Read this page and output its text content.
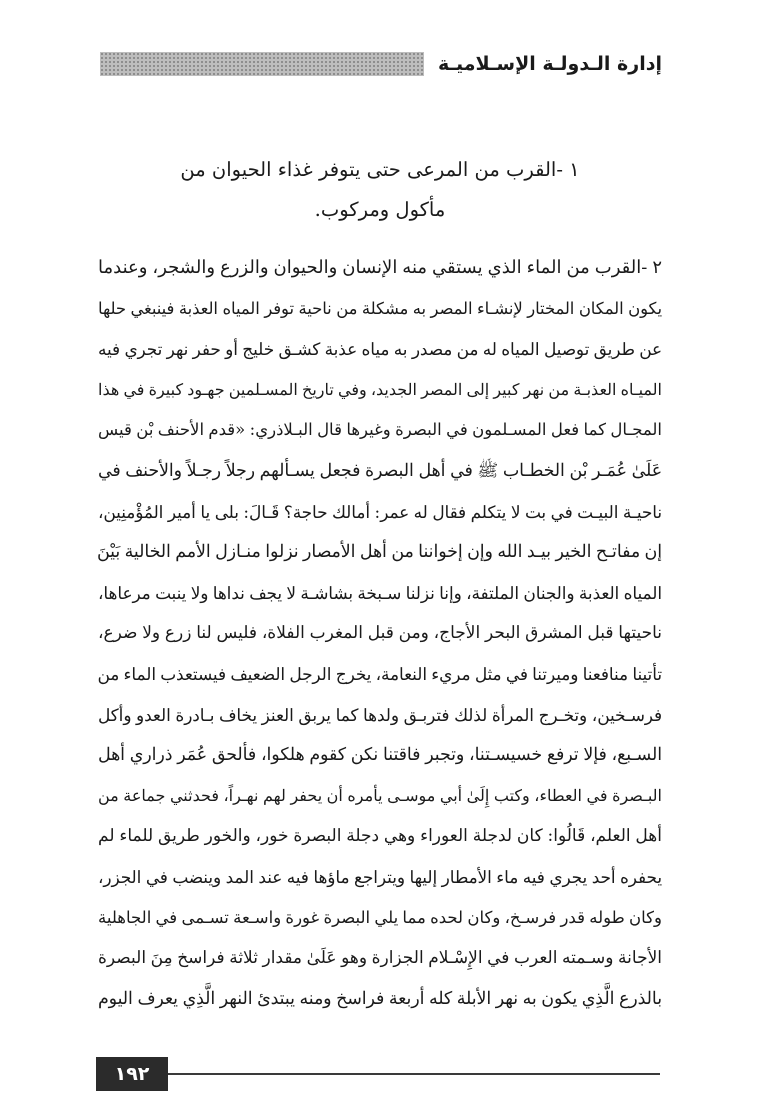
إدارة الـدولـة الإسـلاميـة

١ -القرب من المرعى حتى يتوفر غذاء الحيوان من مأكول ومركوب.

٢ -القرب من الماء الذي يستقي منه الإنسان والحيوان والزرع والشجر، وعندما
يكون المكان المختار لإنشـاء المصر به مشكلة من ناحية توفر المياه العذبة فينبغي حلها
عن طريق توصيل المياه له من مصدر به مياه عذبة كشـق خليج أو حفر نهر تجري فيه
الميـاه العذبـة من نهر كبير إلى المصر الجديد، وفي تاريخ المسـلمين جهـود كبيرة في هذا
المجـال كما فعل المسـلمون في البصرة وغيرها قال البـلاذري: «قدم الأحنف بْن قيس
عَلَىٰ عُمَـر بْن الخطـاب ﷺ في أهل البصرة فجعل يسـألهم رجلاً رجـلاً والأحنف في
ناحيـة البيـت في بت لا يتكلم فقال له عمر: أمالك حاجة؟ قَـالَ: بلى يا أمير المُؤْمنِين،
إن مفاتـح الخير بيـد الله وإن إخواننا من أهل الأمصار نزلوا منـازل الأمم الخالية بَيْنَ
المياه العذبة والجنان الملتفة، وإنا نزلنا سـبخة بشاشـة لا يجف نداها ولا ينبت مرعاها،
ناحيتها قبل المشرق البحر الأجاج، ومن قبل المغرب الفلاة، فليس لنا زرع ولا ضرع،
تأتينا منافعنا وميرتنا في مثل مريء النعامة، يخرج الرجل الضعيف فيستعذب الماء من
فرسـخين، وتخـرج المرأة لذلك فتربـق ولدها كما يربق العنز يخاف بـادرة العدو وأكل
السـبع، فإلا ترفع خسيسـتنا، وتجبر فاقتنا نكن كقوم هلكوا، فألحق عُمَر ذراري أهل
البـصرة في العطاء، وكتب إِلَىٰ أبي موسـى يأمره أن يحفر لهم نهـراً، فحدثني جماعة من
أهل العلم، قَالُوا: كان لدجلة العوراء وهي دجلة البصرة خور، والخور طريق للماء لم
يحفره أحد يجري فيه ماء الأمطار إليها ويتراجع ماؤها فيه عند المد وينضب في الجزر،
وكان طوله قدر فرسـخ، وكان لحده مما يلي البصرة غورة واسـعة تسـمى في الجاهلية
الأجانة وسـمته العرب في الإِسْـلام الجزارة وهو عَلَىٰ مقدار ثلاثة فراسخ مِنَ البصرة
بالذرع الَّذِي يكون به نهر الأبلة كله أربعة فراسخ ومنه يبتدئ النهر الَّذِي يعرف اليوم
١٩٢
